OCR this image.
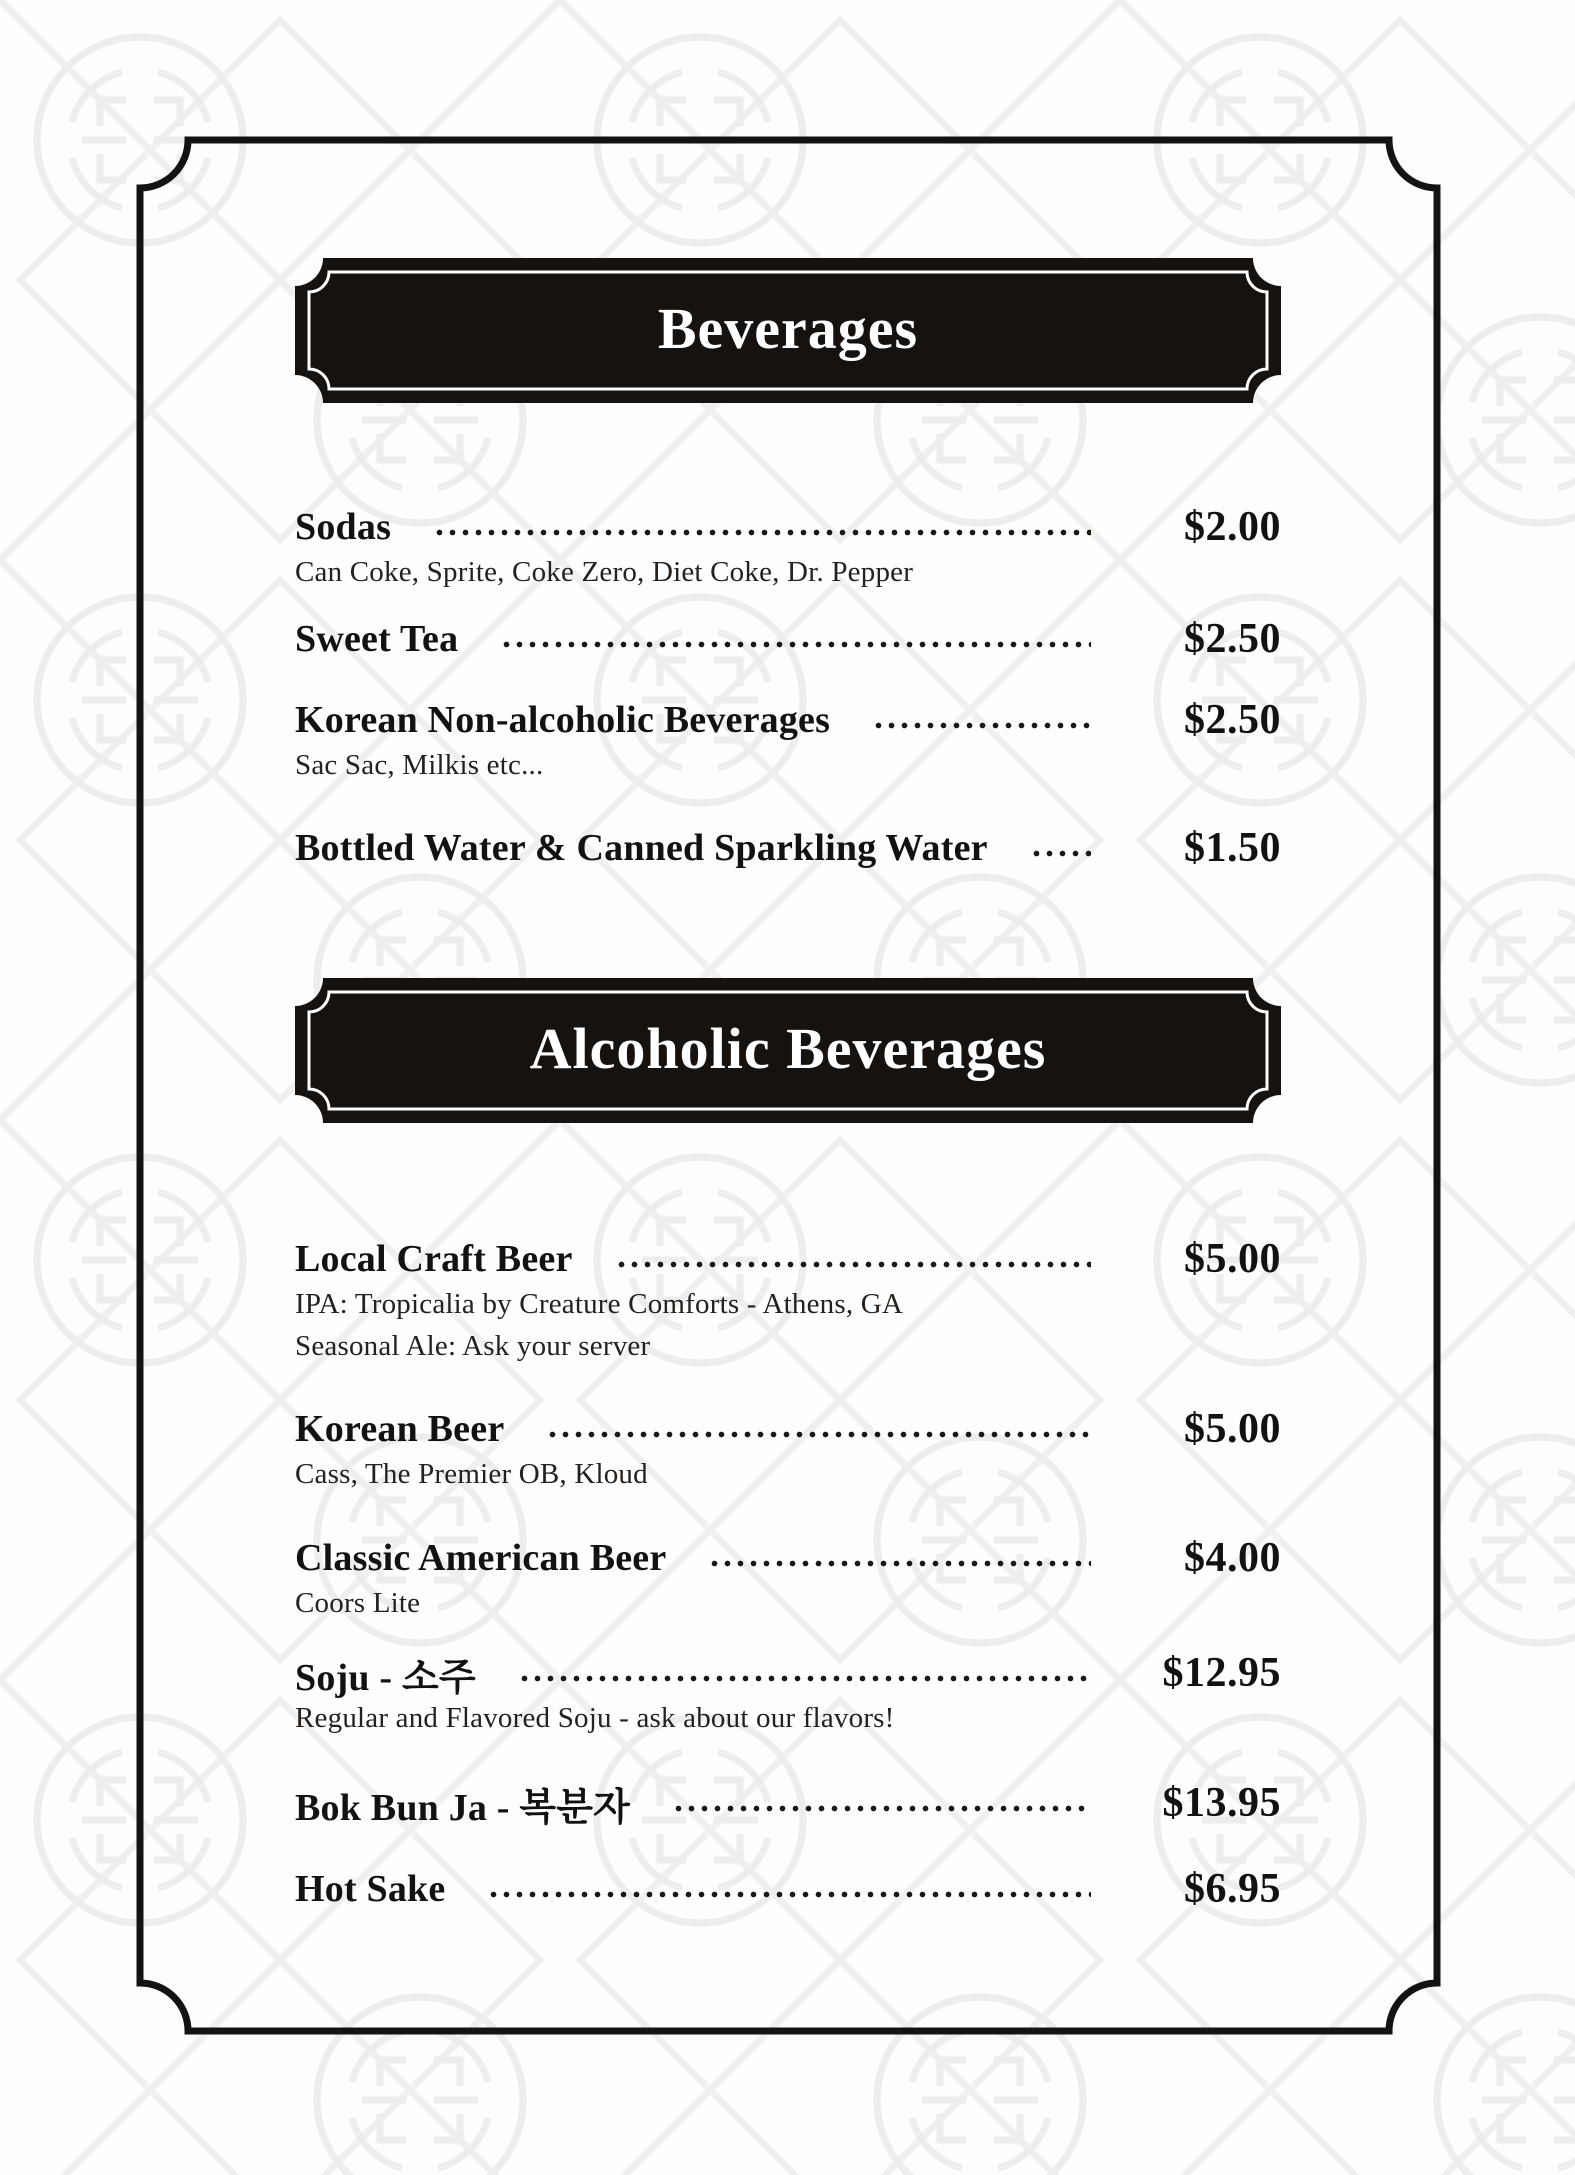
Beverages
Sodas	$2.00
Can Coke, Sprite, Coke Zero, Diet Coke, Dr. Pepper
Sweet Tea	$2.50
Korean Non-alcoholic Beverages	$2.50
Sac Sac, Milkis etc...
Bottled Water & Canned Sparkling Water	$1.50
Alcoholic Beverages
Local Craft Beer	$5.00
IPA: Tropicalia by Creature Comforts - Athens, GA
Seasonal Ale: Ask your server
Korean Beer	$5.00
Cass, The Premier OB, Kloud
Classic American Beer	$4.00
Coors Lite
Soju - 소주	$12.95
Regular and Flavored Soju - ask about our flavors!
Bok Bun Ja - 복분자	$13.95
Hot Sake	$6.95
